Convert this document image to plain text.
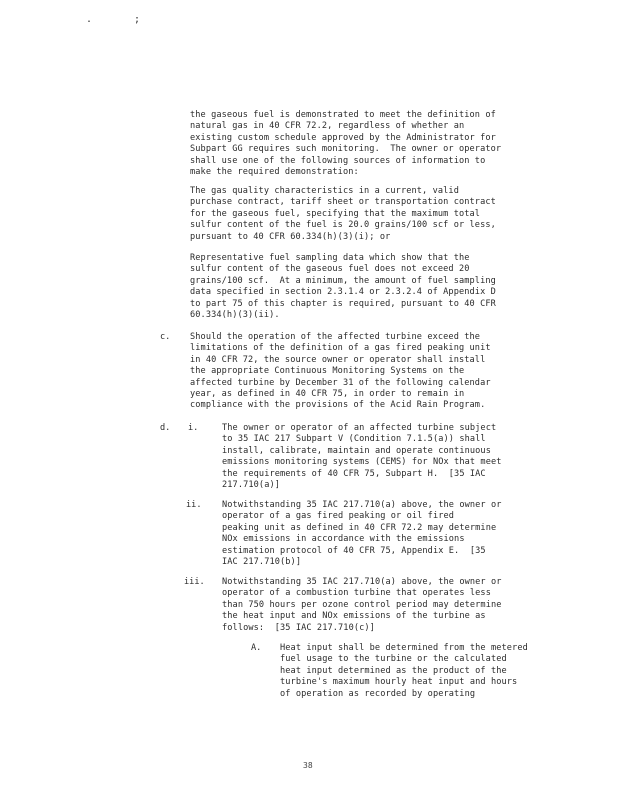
. ;
the gaseous fuel is demonstrated to meet the definition of
natural gas in 40 CFR 72.2, regardless of whether an
existing custom schedule approved by the Administrator for
Subpart GG requires such monitoring.  The owner or operator
shall use one of the following sources of information to
make the required demonstration:
The gas quality characteristics in a current, valid
purchase contract, tariff sheet or transportation contract
for the gaseous fuel, specifying that the maximum total
sulfur content of the fuel is 20.0 grains/100 scf or less,
pursuant to 40 CFR 60.334(h)(3)(i); or
Representative fuel sampling data which show that the
sulfur content of the gaseous fuel does not exceed 20
grains/100 scf.  At a minimum, the amount of fuel sampling
data specified in section 2.3.1.4 or 2.3.2.4 of Appendix D
to part 75 of this chapter is required, pursuant to 40 CFR
60.334(h)(3)(ii).
c. Should the operation of the affected turbine exceed the
limitations of the definition of a gas fired peaking unit
in 40 CFR 72, the source owner or operator shall install
the appropriate Continuous Monitoring Systems on the
affected turbine by December 31 of the following calendar
year, as defined in 40 CFR 75, in order to remain in
compliance with the provisions of the Acid Rain Program.
d. i.	The owner or operator of an affected turbine subject
to 35 IAC 217 Subpart V (Condition 7.1.5(a)) shall
install, calibrate, maintain and operate continuous
emissions monitoring systems (CEMS) for NOx that meet
the requirements of 40 CFR 75, Subpart H.  [35 IAC
217.710(a)]
ii. Notwithstanding 35 IAC 217.710(a) above, the owner or
operator of a gas fired peaking or oil fired
peaking unit as defined in 40 CFR 72.2 may determine
NOx emissions in accordance with the emissions
estimation protocol of 40 CFR 75, Appendix E.  [35
IAC 217.710(b)]
iii. Notwithstanding 35 IAC 217.710(a) above, the owner or
operator of a combustion turbine that operates less
than 750 hours per ozone control period may determine
the heat input and NOx emissions of the turbine as
follows:  [35 IAC 217.710(c)]
A. Heat input shall be determined from the metered
fuel usage to the turbine or the calculated
heat input determined as the product of the
turbine's maximum hourly heat input and hours
of operation as recorded by operating
38
